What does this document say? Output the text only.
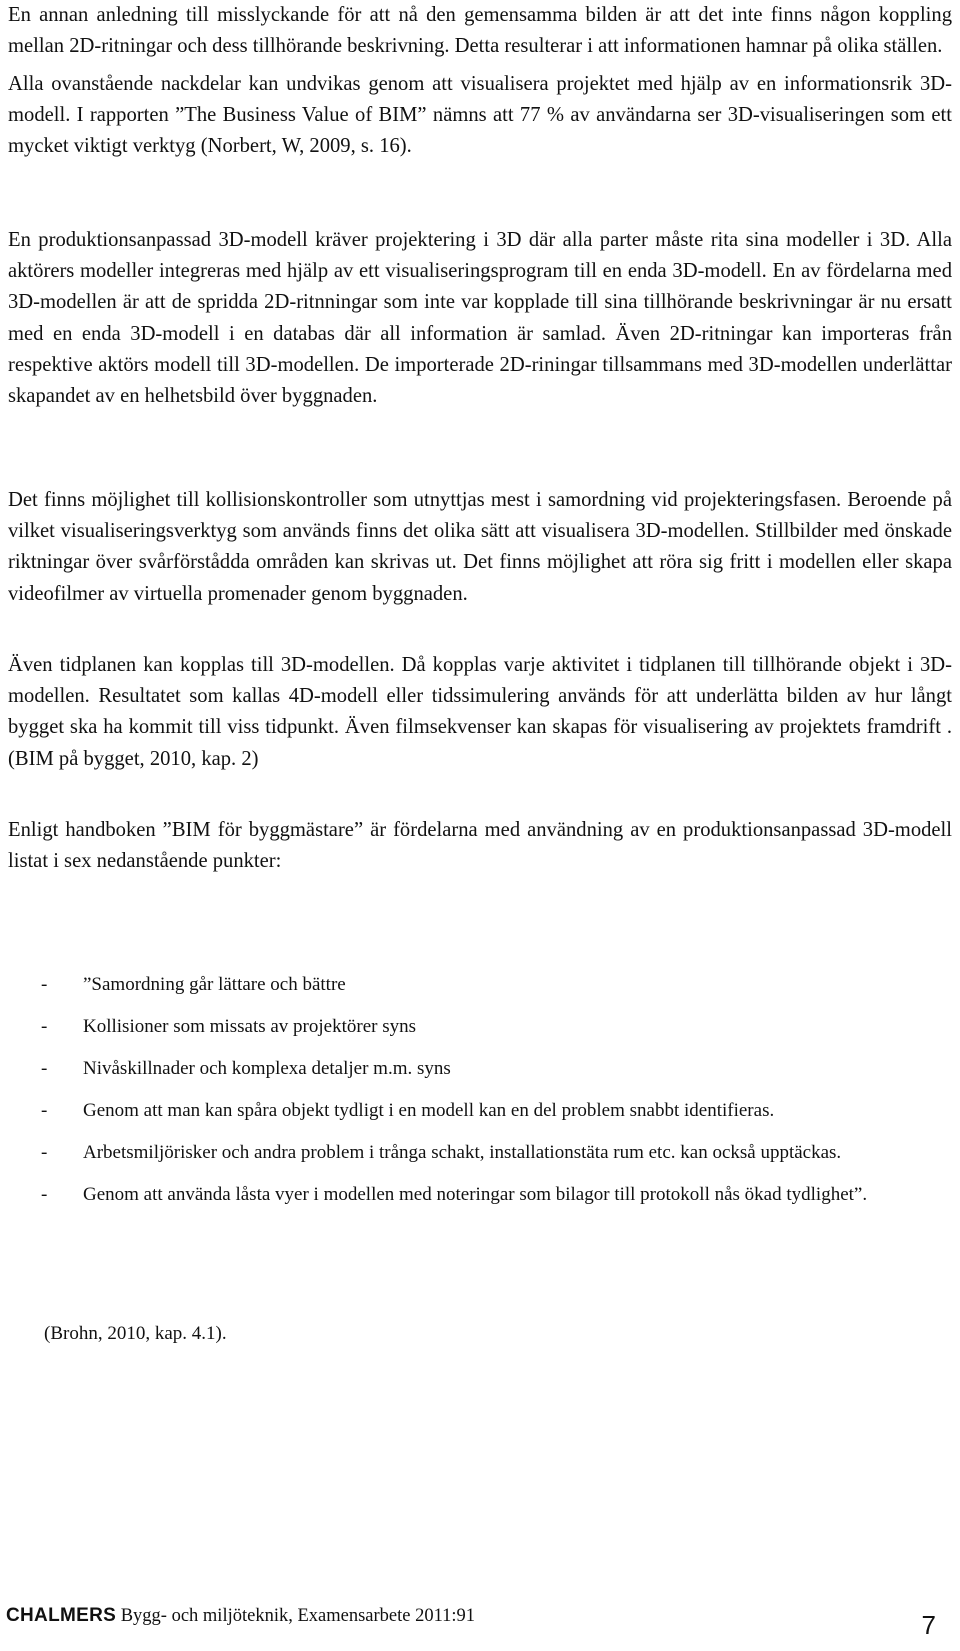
En annan anledning till misslyckande för att nå den gemensamma bilden är att det inte finns någon koppling mellan 2D-ritningar och dess tillhörande beskrivning. Detta resulterar i att informationen hamnar på olika ställen.

Alla ovanstående nackdelar kan undvikas genom att visualisera projektet med hjälp av en informationsrik 3D-modell. I rapporten ”The Business Value of BIM” nämns att 77 % av användarna ser 3D-visualiseringen som ett mycket viktigt verktyg (Norbert, W, 2009, s. 16).

En produktionsanpassad 3D-modell kräver projektering i 3D där alla parter måste rita sina modeller i 3D. Alla aktörers modeller integreras med hjälp av ett visualiseringsprogram till en enda 3D-modell. En av fördelarna med 3D-modellen är att de spridda 2D-ritnningar som inte var kopplade till sina tillhörande beskrivningar är nu ersatt med en enda 3D-modell i en databas där all information är samlad. Även 2D-ritningar kan importeras från respektive aktörs modell till 3D-modellen. De importerade 2D-riningar tillsammans med 3D-modellen underlättar skapandet av en helhetsbild över byggnaden.

Det finns möjlighet till kollisionskontroller som utnyttjas mest i samordning vid projekteringsfasen. Beroende på vilket visualiseringsverktyg som används finns det olika sätt att visualisera 3D-modellen. Stillbilder med önskade riktningar över svårförstådda områden kan skrivas ut. Det finns möjlighet att röra sig fritt i modellen eller skapa videofilmer av virtuella promenader genom byggnaden.

Även tidplanen kan kopplas till 3D-modellen. Då kopplas varje aktivitet i tidplanen till tillhörande objekt i 3D-modellen. Resultatet som kallas 4D-modell eller tidssimulering används för att underlätta bilden av hur långt bygget ska ha kommit till viss tidpunkt. Även filmsekvenser kan skapas för visualisering av projektets framdrift . (BIM på bygget, 2010, kap. 2)

Enligt handboken ”BIM för byggmästare” är fördelarna med användning av en produktionsanpassad 3D-modell listat i sex nedanstående punkter:

- ”Samordning går lättare och bättre
- Kollisioner som missats av projektörer syns
- Nivåskillnader och komplexa detaljer m.m. syns
- Genom att man kan spåra objekt tydligt i en modell kan en del problem snabbt identifieras.
- Arbetsmiljörisker och andra problem i trånga schakt, installationstäta rum etc. kan också upptäckas.
- Genom att använda låsta vyer i modellen med noteringar som bilagor till protokoll nås ökad tydlighet”.

(Brohn, 2010, kap. 4.1).

CHALMERS Bygg- och miljöteknik, Examensarbete 2011:91	7
